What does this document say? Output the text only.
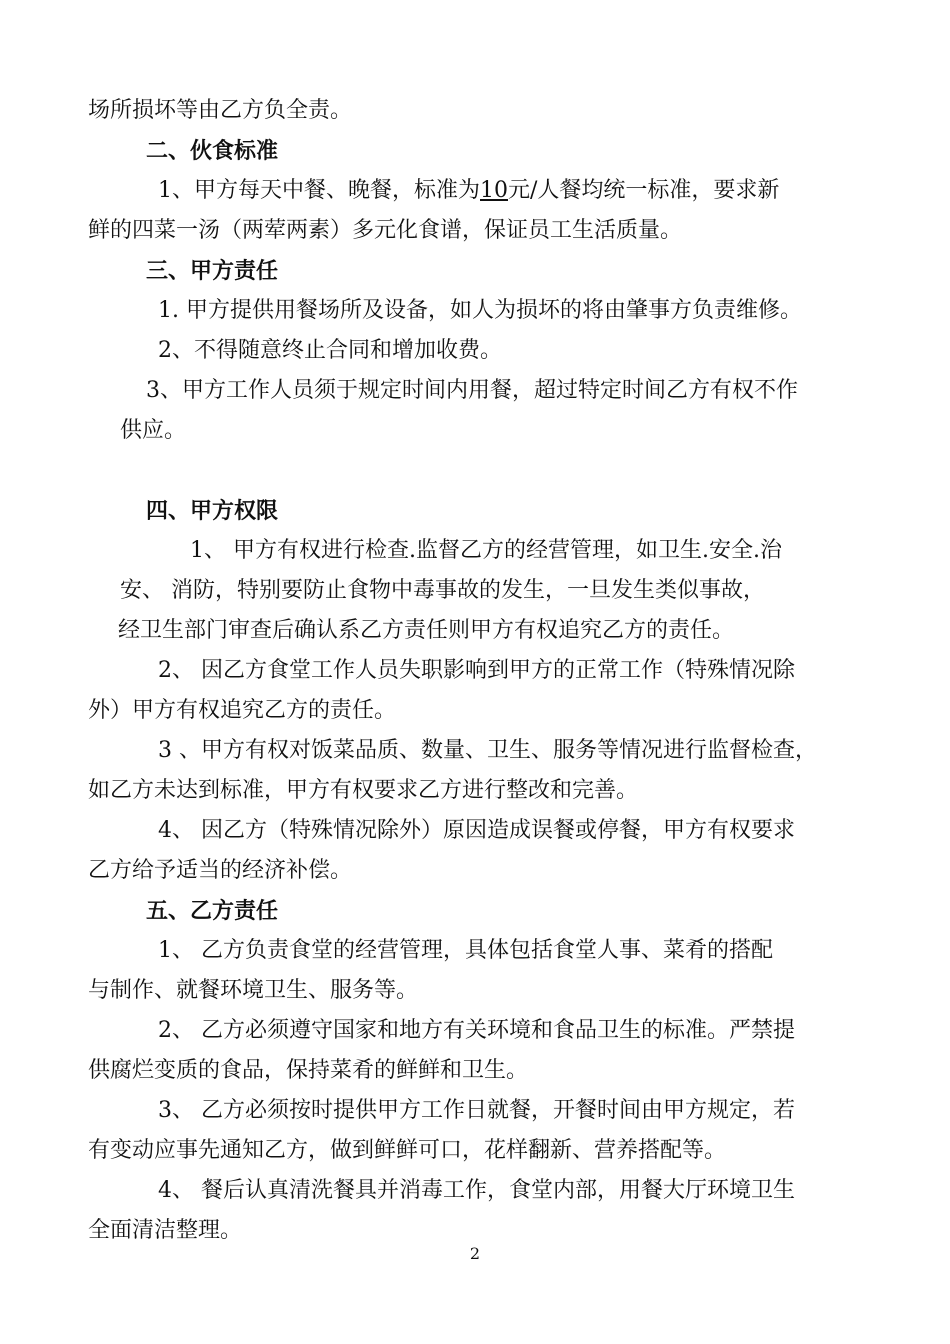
场所损坏等由乙方负全责。
二、伙食标准
1、甲方每天中餐、晚餐，标准为10元/人餐均统一标准，要求新
鲜的四菜一汤（两荤两素）多元化食谱，保证员工生活质量。
三、甲方责任
1. 甲方提供用餐场所及设备，如人为损坏的将由肇事方负责维修。
2、不得随意终止合同和增加收费。
3、甲方工作人员须于规定时间内用餐，超过特定时间乙方有权不作
供应。
四、甲方权限
1、 甲方有权进行检查.监督乙方的经营管理，如卫生.安全.治
安、 消防，特别要防止食物中毒事故的发生，一旦发生类似事故，
经卫生部门审查后确认系乙方责任则甲方有权追究乙方的责任。
2、 因乙方食堂工作人员失职影响到甲方的正常工作（特殊情况除
外）甲方有权追究乙方的责任。
3 、甲方有权对饭菜品质、数量、卫生、服务等情况进行监督检查，
如乙方未达到标准，甲方有权要求乙方进行整改和完善。
4、 因乙方（特殊情况除外）原因造成误餐或停餐，甲方有权要求
乙方给予适当的经济补偿。
五、乙方责任
1、 乙方负责食堂的经营管理，具体包括食堂人事、菜肴的搭配
与制作、就餐环境卫生、服务等。
2、 乙方必须遵守国家和地方有关环境和食品卫生的标准。严禁提
供腐烂变质的食品，保持菜肴的鲜鲜和卫生。
3、 乙方必须按时提供甲方工作日就餐，开餐时间由甲方规定，若
有变动应事先通知乙方，做到鲜鲜可口，花样翻新、营养搭配等。
4、 餐后认真清洗餐具并消毒工作，食堂内部，用餐大厅环境卫生
全面清洁整理。
2
